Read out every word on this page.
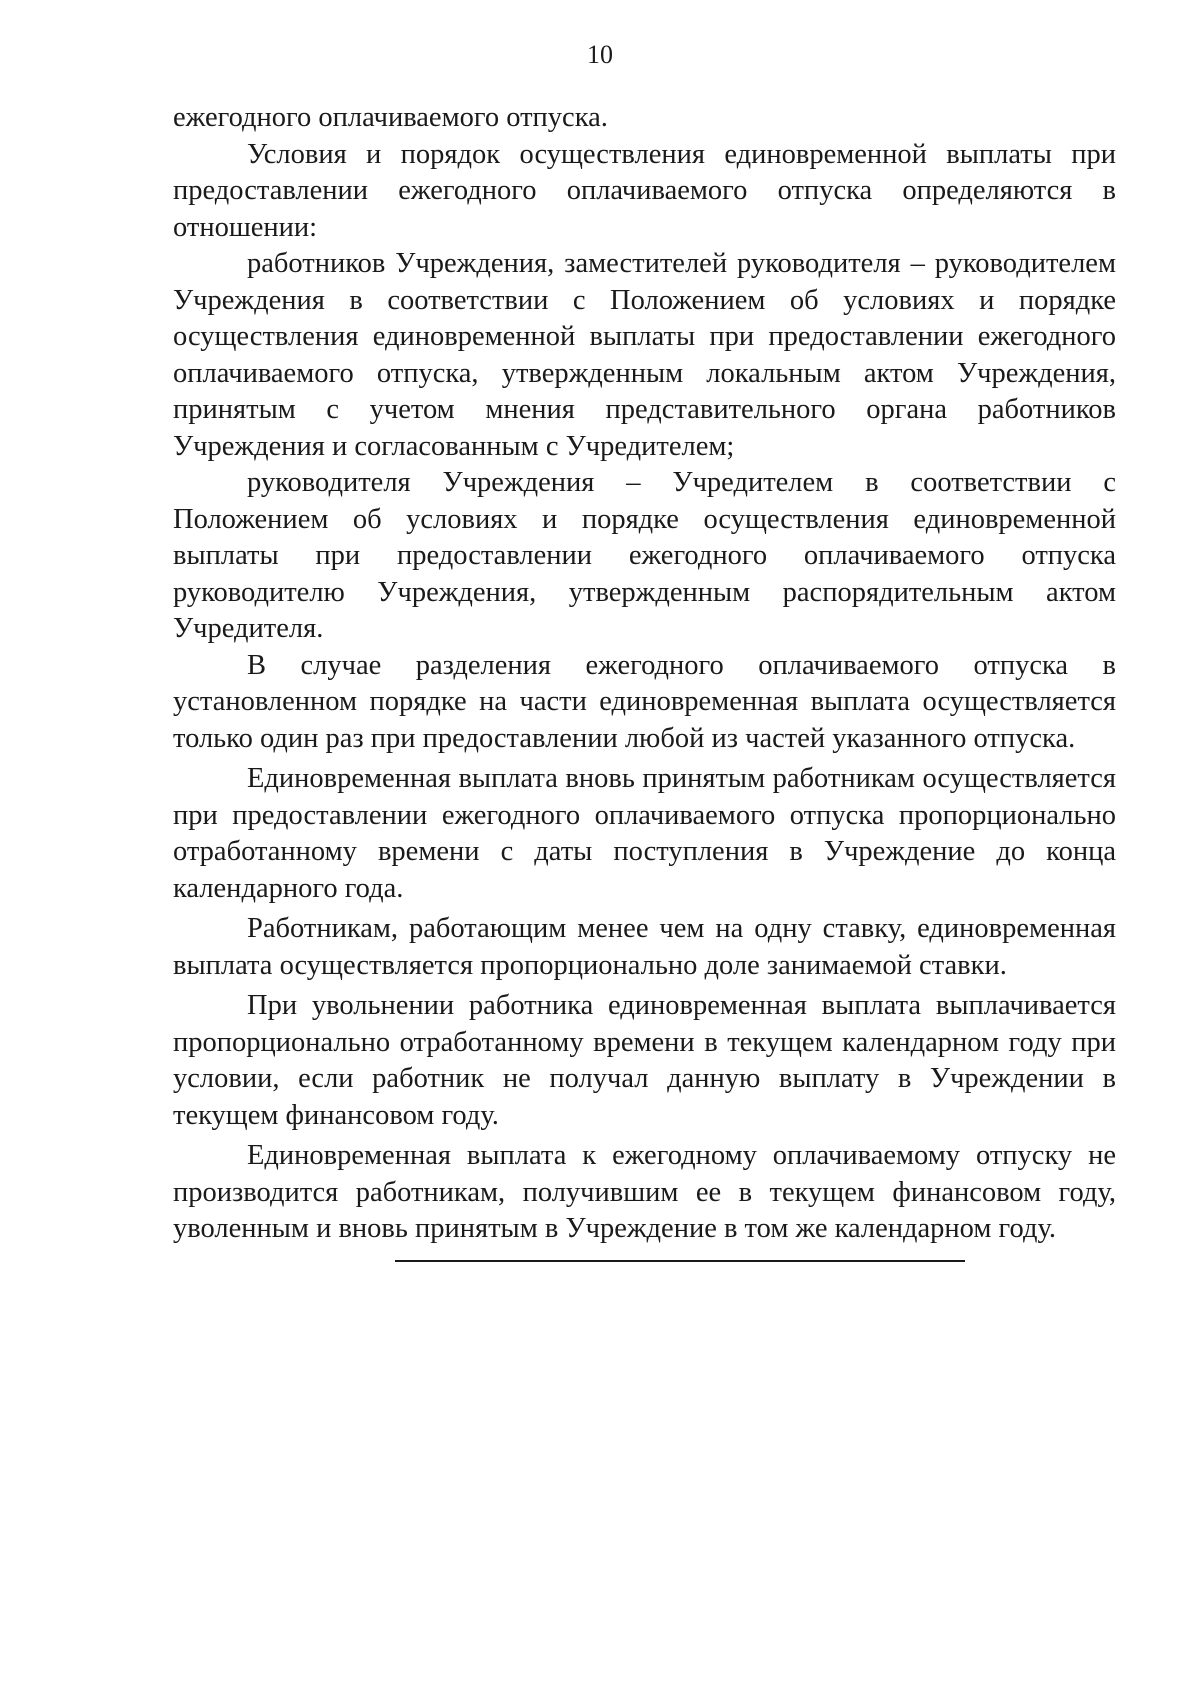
10

ежегодного оплачиваемого отпуска.

Условия и порядок осуществления единовременной выплаты при предоставлении ежегодного оплачиваемого отпуска определяются в отношении:

работников Учреждения, заместителей руководителя – руководителем Учреждения в соответствии с Положением об условиях и порядке осуществления единовременной выплаты при предоставлении ежегодного оплачиваемого отпуска, утвержденным локальным актом Учреждения, принятым с учетом мнения представительного органа работников Учреждения и согласованным с Учредителем;

руководителя Учреждения – Учредителем в соответствии с Положением об условиях и порядке осуществления единовременной выплаты при предоставлении ежегодного оплачиваемого отпуска руководителю Учреждения, утвержденным распорядительным актом Учредителя.

В случае разделения ежегодного оплачиваемого отпуска в установленном порядке на части единовременная выплата осуществляется только один раз при предоставлении любой из частей указанного отпуска.

Единовременная выплата вновь принятым работникам осуществляется при предоставлении ежегодного оплачиваемого отпуска пропорционально отработанному времени с даты поступления в Учреждение до конца календарного года.

Работникам, работающим менее чем на одну ставку, единовременная выплата осуществляется пропорционально доле занимаемой ставки.

При увольнении работника единовременная выплата выплачивается пропорционально отработанному времени в текущем календарном году при условии, если работник не получал данную выплату в Учреждении в текущем финансовом году.

Единовременная выплата к ежегодному оплачиваемому отпуску не производится работникам, получившим ее в текущем финансовом году, уволенным и вновь принятым в Учреждение в том же календарном году.
